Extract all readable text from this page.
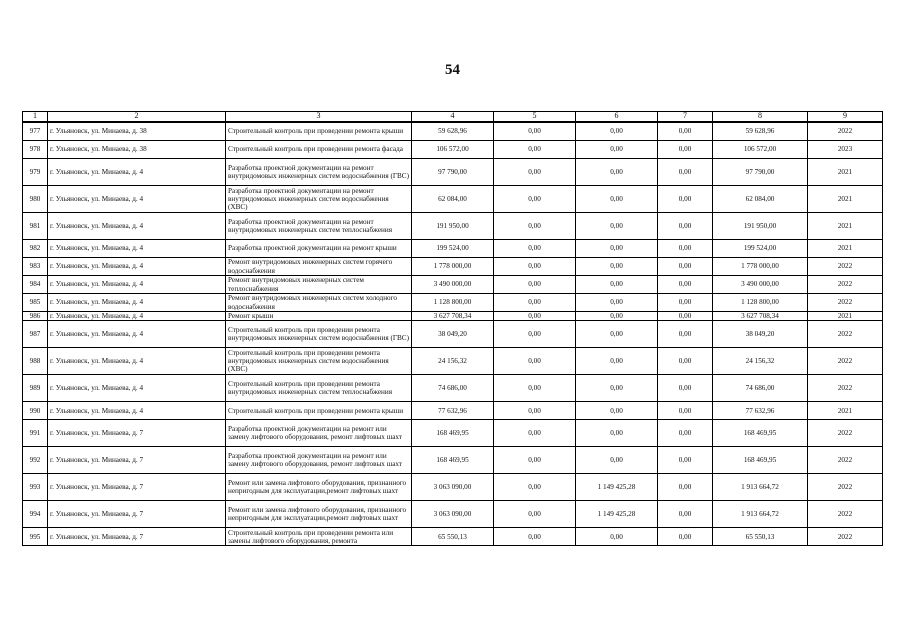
54
1	2	3	4	5	6	7	8	9
977	г. Ульяновск, ул. Минаева, д. 38	Строительный контроль при проведении ремонта крыши	59 628,96	0,00	0,00	0,00	59 628,96	2022
978	г. Ульяновск, ул. Минаева, д. 38	Строительный контроль при проведении ремонта фасада	106 572,00	0,00	0,00	0,00	106 572,00	2023
979	г. Ульяновск, ул. Минаева, д. 4	Разработка проектной документации на ремонт внутридомовых инженерных систем водоснабжения (ГВС)	97 790,00	0,00	0,00	0,00	97 790,00	2021
980	г. Ульяновск, ул. Минаева, д. 4	Разработка проектной документации на ремонт внутридомовых инженерных систем водоснабжения (ХВС)	62 084,00	0,00	0,00	0,00	62 084,00	2021
981	г. Ульяновск, ул. Минаева, д. 4	Разработка проектной документации на ремонт внутридомовых инженерных систем теплоснабжения	191 950,00	0,00	0,00	0,00	191 950,00	2021
982	г. Ульяновск, ул. Минаева, д. 4	Разработка проектной документации на ремонт крыши	199 524,00	0,00	0,00	0,00	199 524,00	2021
983	г. Ульяновск, ул. Минаева, д. 4	Ремонт внутридомовых инженерных систем горячего водоснабжения	1 778 000,00	0,00	0,00	0,00	1 778 000,00	2022
984	г. Ульяновск, ул. Минаева, д. 4	Ремонт внутридомовых инженерных систем теплоснабжения	3 490 000,00	0,00	0,00	0,00	3 490 000,00	2022
985	г. Ульяновск, ул. Минаева, д. 4	Ремонт внутридомовых инженерных систем холодного водоснабжения	1 128 800,00	0,00	0,00	0,00	1 128 800,00	2022
986	г. Ульяновск, ул. Минаева, д. 4	Ремонт крыши	3 627 708,34	0,00	0,00	0,00	3 627 708,34	2021
987	г. Ульяновск, ул. Минаева, д. 4	Строительный контроль при проведении ремонта внутридомовых инженерных систем водоснабжения (ГВС)	38 049,20	0,00	0,00	0,00	38 049,20	2022
988	г. Ульяновск, ул. Минаева, д. 4	Строительный контроль при проведении ремонта внутридомовых инженерных систем водоснабжения (ХВС)	24 156,32	0,00	0,00	0,00	24 156,32	2022
989	г. Ульяновск, ул. Минаева, д. 4	Строительный контроль при проведении ремонта внутридомовых инженерных систем теплоснабжения	74 686,00	0,00	0,00	0,00	74 686,00	2022
990	г. Ульяновск, ул. Минаева, д. 4	Строительный контроль при проведении ремонта крыши	77 632,96	0,00	0,00	0,00	77 632,96	2021
991	г. Ульяновск, ул. Минаева, д. 7	Разработка проектной документации на ремонт или замену лифтового оборудования, ремонт лифтовых шахт	168 469,95	0,00	0,00	0,00	168 469,95	2022
992	г. Ульяновск, ул. Минаева, д. 7	Разработка проектной документации на ремонт или замену лифтового оборудования, ремонт лифтовых шахт	168 469,95	0,00	0,00	0,00	168 469,95	2022
993	г. Ульяновск, ул. Минаева, д. 7	Ремонт или замена лифтового оборудования, признанного непригодным для эксплуатации,ремонт лифтовых шахт	3 063 090,00	0,00	1 149 425,28	0,00	1 913 664,72	2022
994	г. Ульяновск, ул. Минаева, д. 7	Ремонт или замена лифтового оборудования, признанного непригодным для эксплуатации,ремонт лифтовых шахт	3 063 090,00	0,00	1 149 425,28	0,00	1 913 664,72	2022
995	г. Ульяновск, ул. Минаева, д. 7	Строительный контроль при проведении ремонта или замены лифтового оборудования, ремонта	65 550,13	0,00	0,00	0,00	65 550,13	2022
